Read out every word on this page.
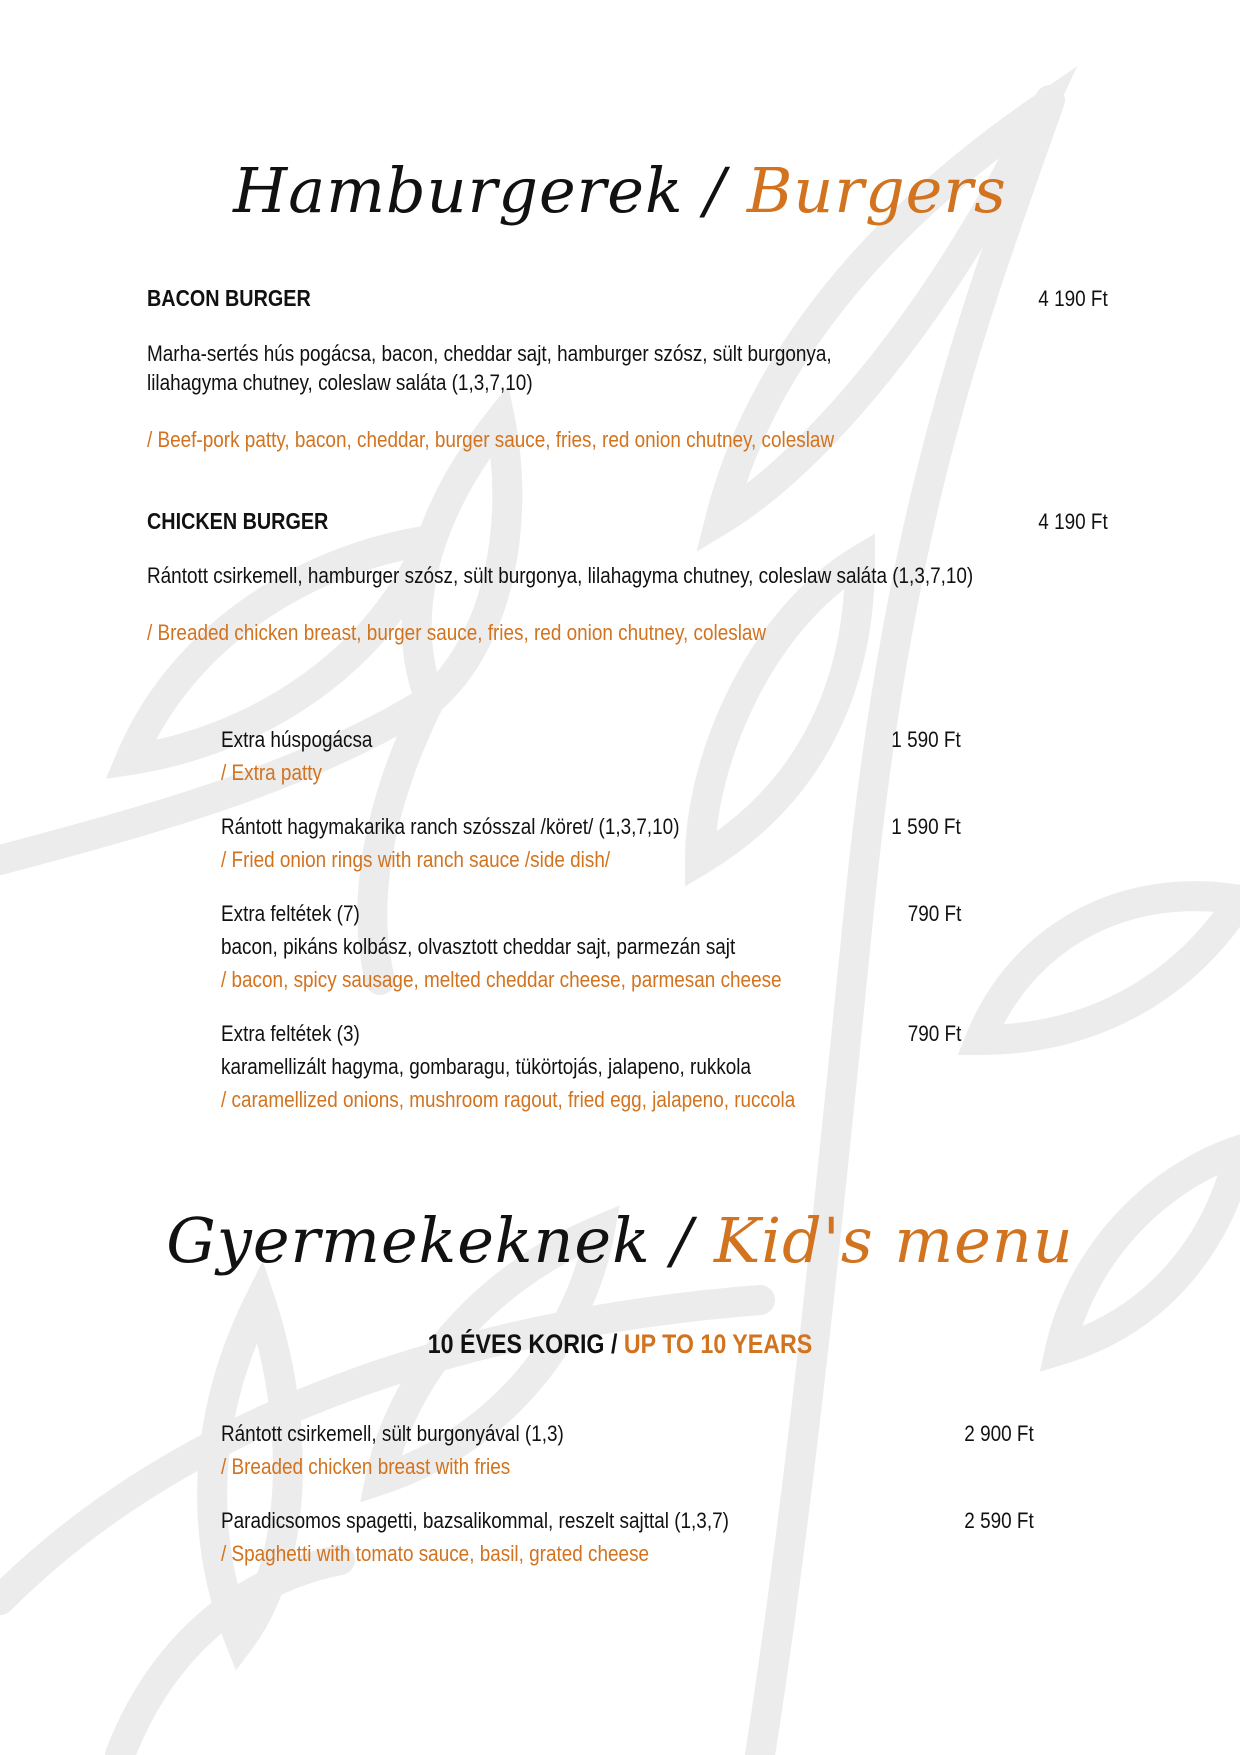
Hamburgerek / Burgers
BACON BURGER	4 190 Ft
Marha-sertés hús pogácsa, bacon, cheddar sajt, hamburger szósz, sült burgonya,
lilahagyma chutney, coleslaw saláta (1,3,7,10)
/ Beef-pork patty, bacon, cheddar, burger sauce, fries, red onion chutney, coleslaw
CHICKEN BURGER	4 190 Ft
Rántott csirkemell, hamburger szósz, sült burgonya, lilahagyma chutney, coleslaw saláta (1,3,7,10)
/ Breaded chicken breast, burger sauce, fries, red onion chutney, coleslaw
Extra húspogácsa	1 590 Ft
/ Extra patty
Rántott hagymakarika ranch szósszal /köret/ (1,3,7,10)	1 590 Ft
/ Fried onion rings with ranch sauce /side dish/
Extra feltétek (7)	790 Ft
bacon, pikáns kolbász, olvasztott cheddar sajt, parmezán sajt
/ bacon, spicy sausage, melted cheddar cheese, parmesan cheese
Extra feltétek (3)	790 Ft
karamellizált hagyma, gombaragu, tükörtojás, jalapeno, rukkola
/ caramellized onions, mushroom ragout, fried egg, jalapeno, ruccola
Gyermekeknek / Kid's menu
10 ÉVES KORIG / UP TO 10 YEARS
Rántott csirkemell, sült burgonyával (1,3)	2 900 Ft
/ Breaded chicken breast with fries
Paradicsomos spagetti, bazsalikommal, reszelt sajttal (1,3,7)	2 590 Ft
/ Spaghetti with tomato sauce, basil, grated cheese
